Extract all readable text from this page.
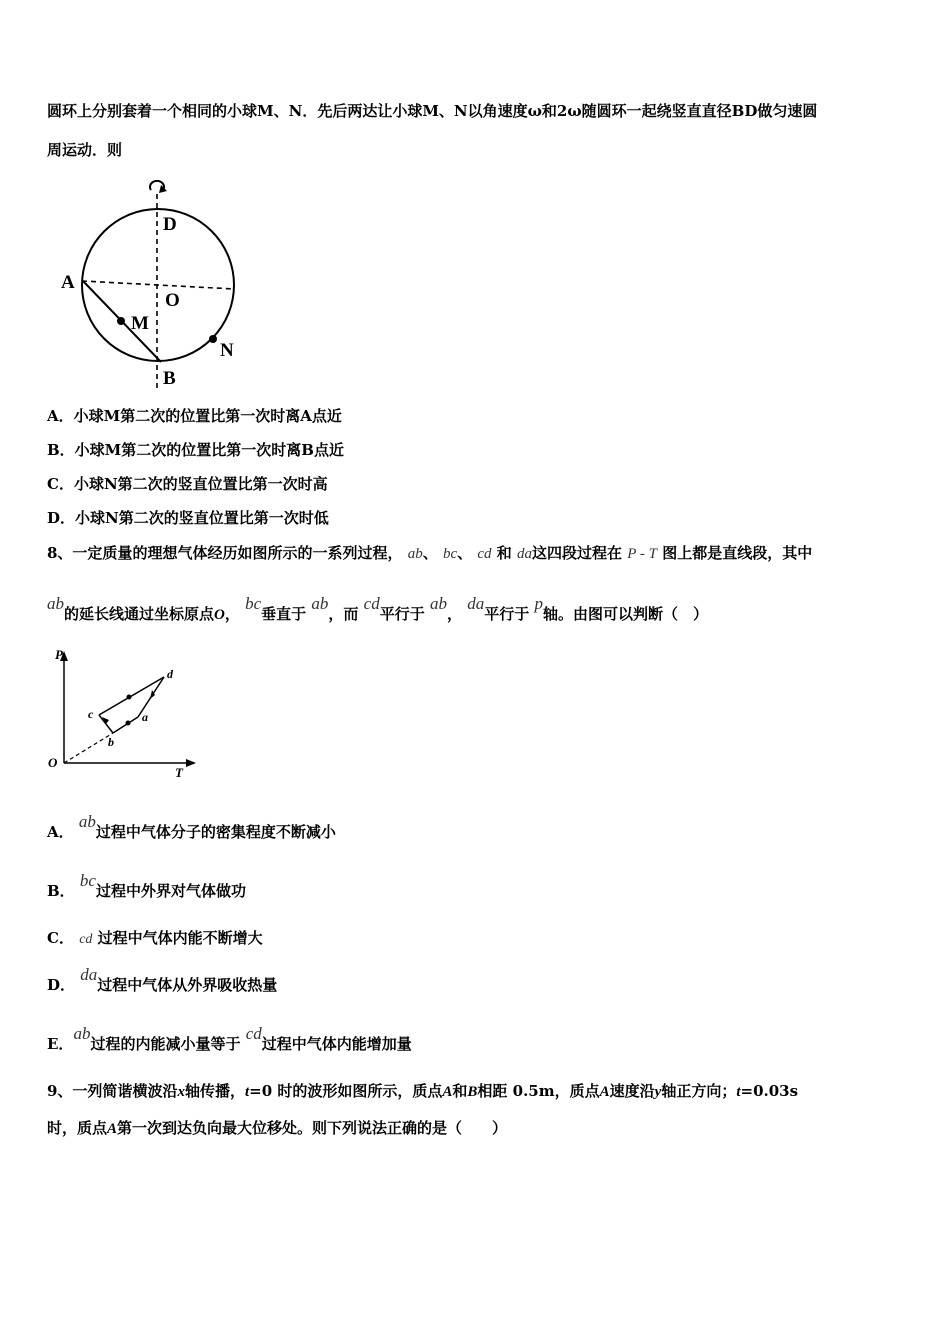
圆环上分别套着一个相同的小球M、N．先后两达让小球M、N以角速度ω和2ω随圆环一起绕竖直直径BD做匀速圆
周运动．则
D
A
O
M
N
B
A．小球M第二次的位置比第一次时离A点近
B．小球M第二次的位置比第一次时离B点近
C．小球N第二次的竖直位置比第一次时高
D．小球N第二次的竖直位置比第一次时低
8、一定质量的理想气体经历如图所示的一系列过程， ab、 bc、 cd 和 da这四段过程在 P - T 图上都是直线段，其中
ab的延长线通过坐标原点O， bc垂直于 ab，而 cd平行于 ab， da平行于 p轴。由图可以判断（　）
P
O
T
a
b
c
d
A． ab过程中气体分子的密集程度不断减小
B． bc过程中外界对气体做功
C． cd 过程中气体内能不断增大
D． da过程中气体从外界吸收热量
E．ab过程的内能减小量等于 cd过程中气体内能增加量
9、一列简谐横波沿x轴传播，t=0 时的波形如图所示，质点A和B相距 0.5m，质点A速度沿y轴正方向；t=0.03s
时，质点A第一次到达负向最大位移处。则下列说法正确的是（　　）
